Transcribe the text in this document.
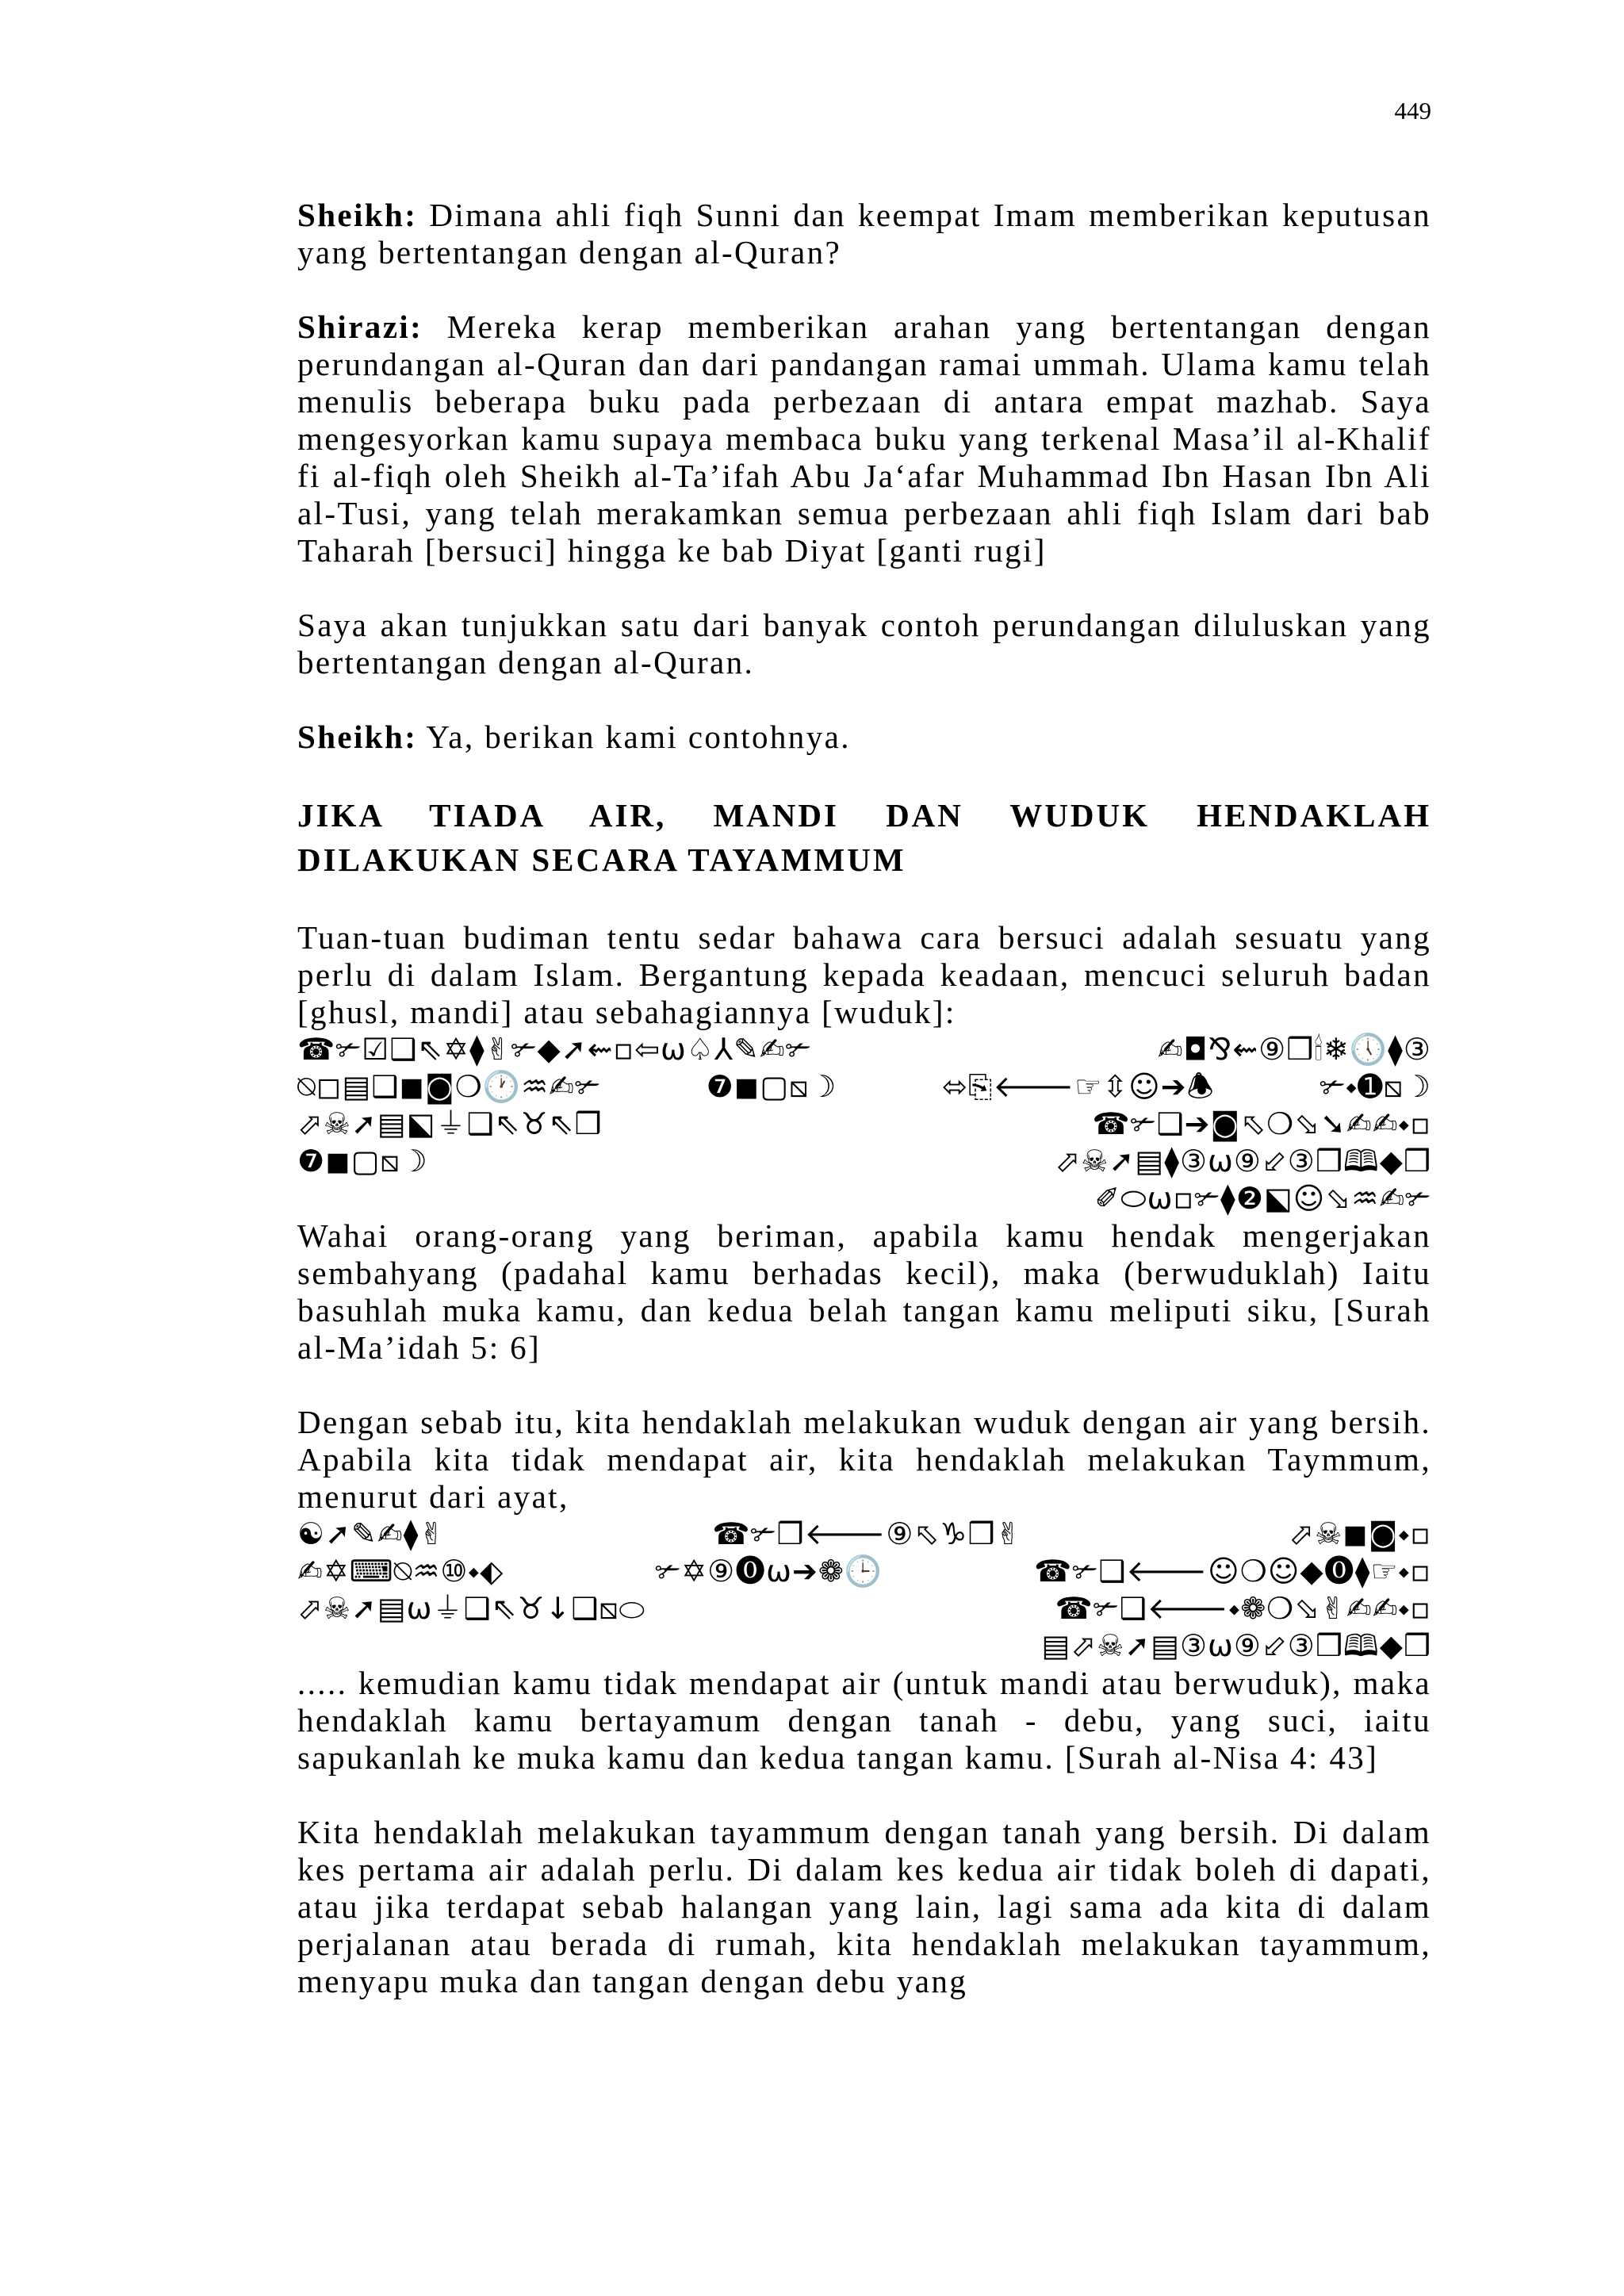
449

Sheikh: Dimana ahli fiqh Sunni dan keempat Imam memberikan keputusan yang bertentangan dengan al-Quran?

Shirazi: Mereka kerap memberikan arahan yang bertentangan dengan perundangan al-Quran dan dari pandangan ramai ummah. Ulama kamu telah menulis beberapa buku pada perbezaan di antara empat mazhab. Saya mengesyorkan kamu supaya membaca buku yang terkenal Masa’il al-Khalif fi al-fiqh oleh Sheikh al-Ta’ifah Abu Ja‘afar Muhammad Ibn Hasan Ibn Ali al-Tusi, yang telah merakamkan semua perbezaan ahli fiqh Islam dari bab Taharah [bersuci] hingga ke bab Diyat [ganti rugi]

Saya akan tunjukkan satu dari banyak contoh perundangan diluluskan yang bertentangan dengan al-Quran.

Sheikh: Ya, berikan kami contohnya.

JIKA TIADA AIR, MANDI DAN WUDUK HENDAKLAH
DILAKUKAN SECARA TAYAMMUM

Tuan-tuan budiman tentu sedar bahawa cara bersuci adalah sesuatu yang perlu di dalam Islam. Bergantung kepada keadaan, mencuci seluruh badan [ghusl, mandi] atau sebahagiannya [wuduk]:

☎✃☑❑⇖✡⧫✌✃◆➚⇜▫⇦⍵♤⅄✎✍✃	✍◘⅋⇜⑨❒🕯❄🕔⧫③
⍉◻▤❑◼◙❍🕐♒✍✃	❼◼▢⧅☽	⬄⎘🡐☞⇳☺➔🕭	✃⬩➊⧅☽
⬀☠➚▤⬕⏚❑⇖♉⇖❒	☎✃❑➔◙⬁❍⬂➘✍✍⬩▫
❼◼▢⧅☽	⬀☠➚▤⧫③⍵⑨⬃③❒🕮◆❒
✐⬭⍵▫✃⧫❷⬕☺⬂♒✍✃

Wahai orang-orang yang beriman, apabila kamu hendak mengerjakan sembahyang (padahal kamu berhadas kecil), maka (berwuduklah) Iaitu basuhlah muka kamu, dan kedua belah tangan kamu meliputi siku, [Surah al-Ma’idah 5: 6]

Dengan sebab itu, kita hendaklah melakukan wuduk dengan air yang bersih. Apabila kita tidak mendapat air, kita hendaklah melakukan Taymmum, menurut dari ayat,

☯➚✎✍⧫✌	☎✃❒🡐⑨⬁♑❒✌	⬀☠◼◙⬩▫
✍✡⌨⍉♒⑩⬩⬖	✃✡⑨⓿⍵➔❁🕒	☎✃❑🡐☺❍☺◆⓿⧫☞⬩▫
⬀☠➚▤⍵⏚❑⇖♉↓❑⧅⬭	☎✃❑🡐⬩❁❍⬂✌✍✍⬩▫
▤⬀☠➚▤③⍵⑨⬃③❒🕮◆❒

..... kemudian kamu tidak mendapat air (untuk mandi atau berwuduk), maka hendaklah kamu bertayamum dengan tanah - debu, yang suci, iaitu sapukanlah ke muka kamu dan kedua tangan kamu. [Surah al-Nisa 4: 43]

Kita hendaklah melakukan tayammum dengan tanah yang bersih. Di dalam kes pertama air adalah perlu. Di dalam kes kedua air tidak boleh di dapati, atau jika terdapat sebab halangan yang lain, lagi sama ada kita di dalam perjalanan atau berada di rumah, kita hendaklah melakukan tayammum, menyapu muka dan tangan dengan debu yang
